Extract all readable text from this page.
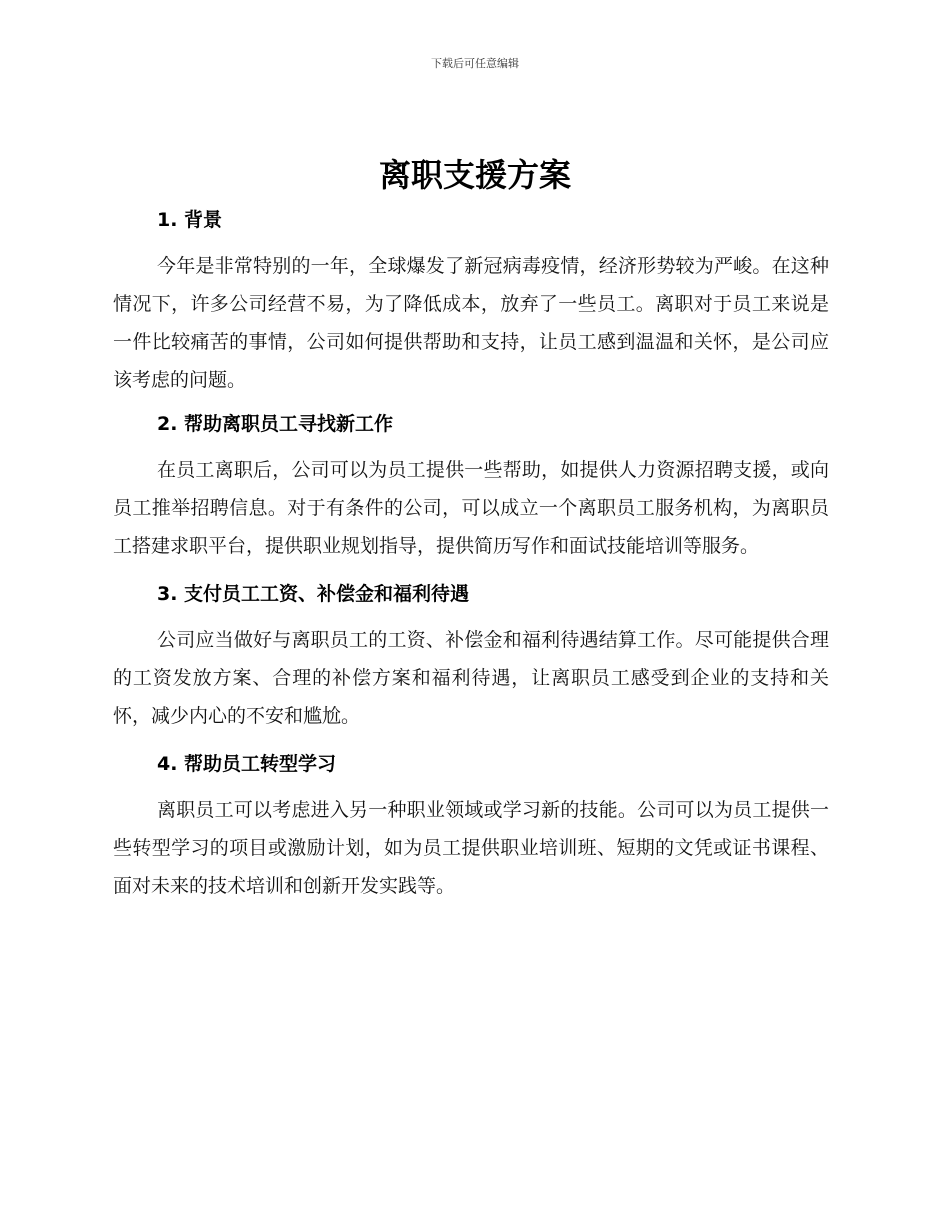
下载后可任意编辑
离职支援方案
1. 背景

今年是非常特别的一年，全球爆发了新冠病毒疫情，经济形势较为严峻。在这种情况下，许多公司经营不易，为了降低成本，放弃了一些员工。离职对于员工来说是一件比较痛苦的事情，公司如何提供帮助和支持，让员工感到温温和关怀，是公司应该考虑的问题。

2. 帮助离职员工寻找新工作

在员工离职后，公司可以为员工提供一些帮助，如提供人力资源招聘支援，或向员工推举招聘信息。对于有条件的公司，可以成立一个离职员工服务机构，为离职员工搭建求职平台，提供职业规划指导，提供简历写作和面试技能培训等服务。

3. 支付员工工资、补偿金和福利待遇

公司应当做好与离职员工的工资、补偿金和福利待遇结算工作。尽可能提供合理的工资发放方案、合理的补偿方案和福利待遇，让离职员工感受到企业的支持和关怀，减少内心的不安和尴尬。

4. 帮助员工转型学习

离职员工可以考虑进入另一种职业领域或学习新的技能。公司可以为员工提供一些转型学习的项目或激励计划，如为员工提供职业培训班、短期的文凭或证书课程、面对未来的技术培训和创新开发实践等。
